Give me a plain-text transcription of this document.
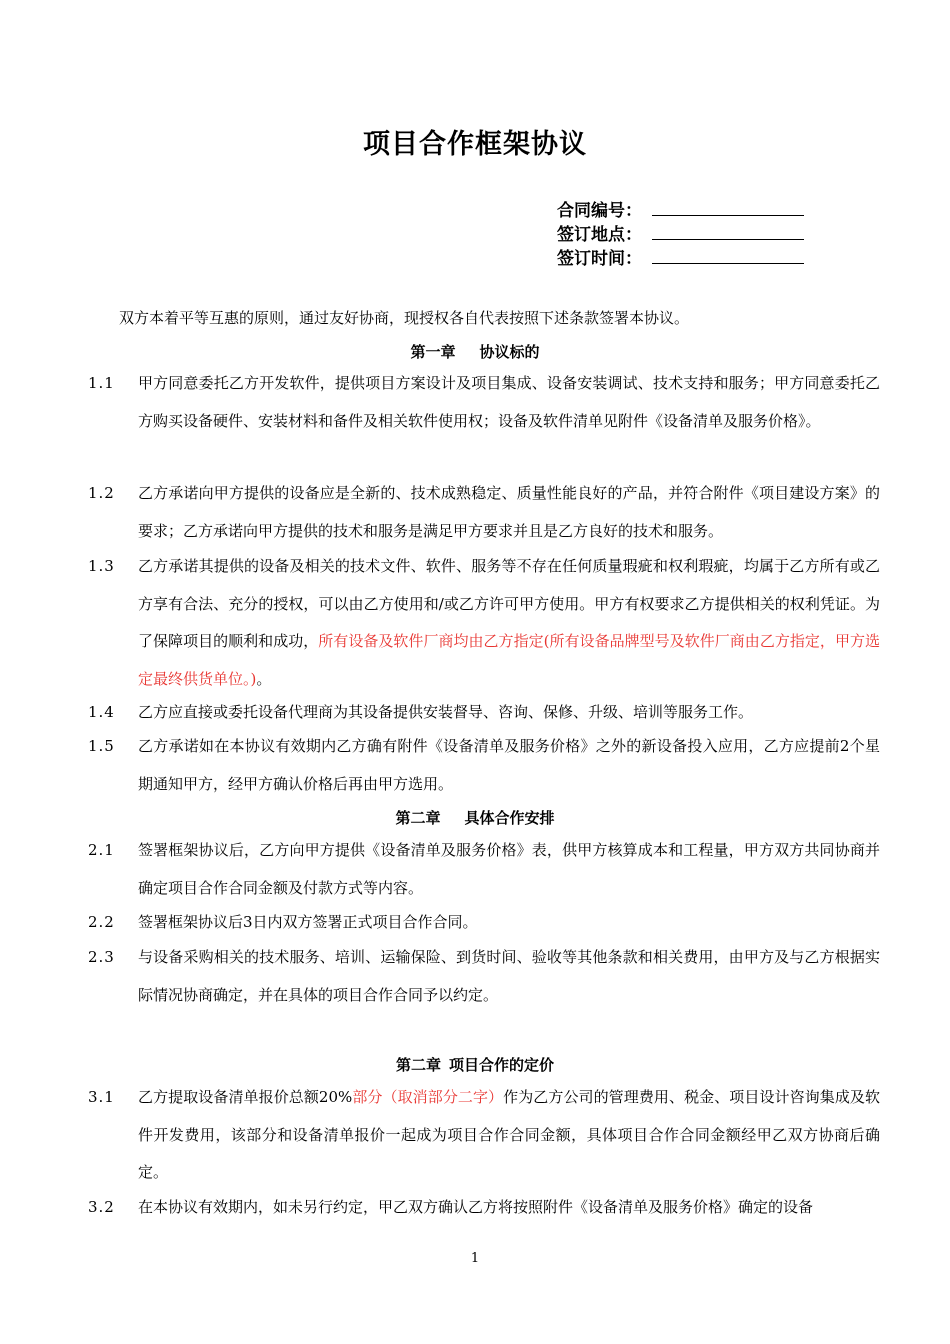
项目合作框架协议
合同编号：
签订地点：
签订时间：
双方本着平等互惠的原则，通过友好协商，现授权各自代表按照下述条款签署本协议。
第一章 协议标的
1.1 甲方同意委托乙方开发软件，提供项目方案设计及项目集成、设备安装调试、技术支持和服务；甲方同意委托乙方购买设备硬件、安装材料和备件及相关软件使用权；设备及软件清单见附件《设备清单及服务价格》。
1.2 乙方承诺向甲方提供的设备应是全新的、技术成熟稳定、质量性能良好的产品，并符合附件《项目建设方案》的要求；乙方承诺向甲方提供的技术和服务是满足甲方要求并且是乙方良好的技术和服务。
1.3 乙方承诺其提供的设备及相关的技术文件、软件、服务等不存在任何质量瑕疵和权利瑕疵，均属于乙方所有或乙方享有合法、充分的授权，可以由乙方使用和/或乙方许可甲方使用。甲方有权要求乙方提供相关的权利凭证。为了保障项目的顺利和成功，所有设备及软件厂商均由乙方指定(所有设备品牌型号及软件厂商由乙方指定，甲方选定最终供货单位。)。
1.4 乙方应直接或委托设备代理商为其设备提供安装督导、咨询、保修、升级、培训等服务工作。
1.5 乙方承诺如在本协议有效期内乙方确有附件《设备清单及服务价格》之外的新设备投入应用，乙方应提前2个星期通知甲方，经甲方确认价格后再由甲方选用。
第二章 具体合作安排
2.1 签署框架协议后，乙方向甲方提供《设备清单及服务价格》表，供甲方核算成本和工程量，甲方双方共同协商并确定项目合作合同金额及付款方式等内容。
2.2 签署框架协议后3日内双方签署正式项目合作合同。
2.3 与设备采购相关的技术服务、培训、运输保险、到货时间、验收等其他条款和相关费用，由甲方及与乙方根据实际情况协商确定，并在具体的项目合作合同予以约定。
第二章 项目合作的定价
3.1 乙方提取设备清单报价总额20%部分（取消部分二字）作为乙方公司的管理费用、税金、项目设计咨询集成及软件开发费用，该部分和设备清单报价一起成为项目合作合同金额，具体项目合作合同金额经甲乙双方协商后确定。
3.2 在本协议有效期内，如未另行约定，甲乙双方确认乙方将按照附件《设备清单及服务价格》确定的设备
1
